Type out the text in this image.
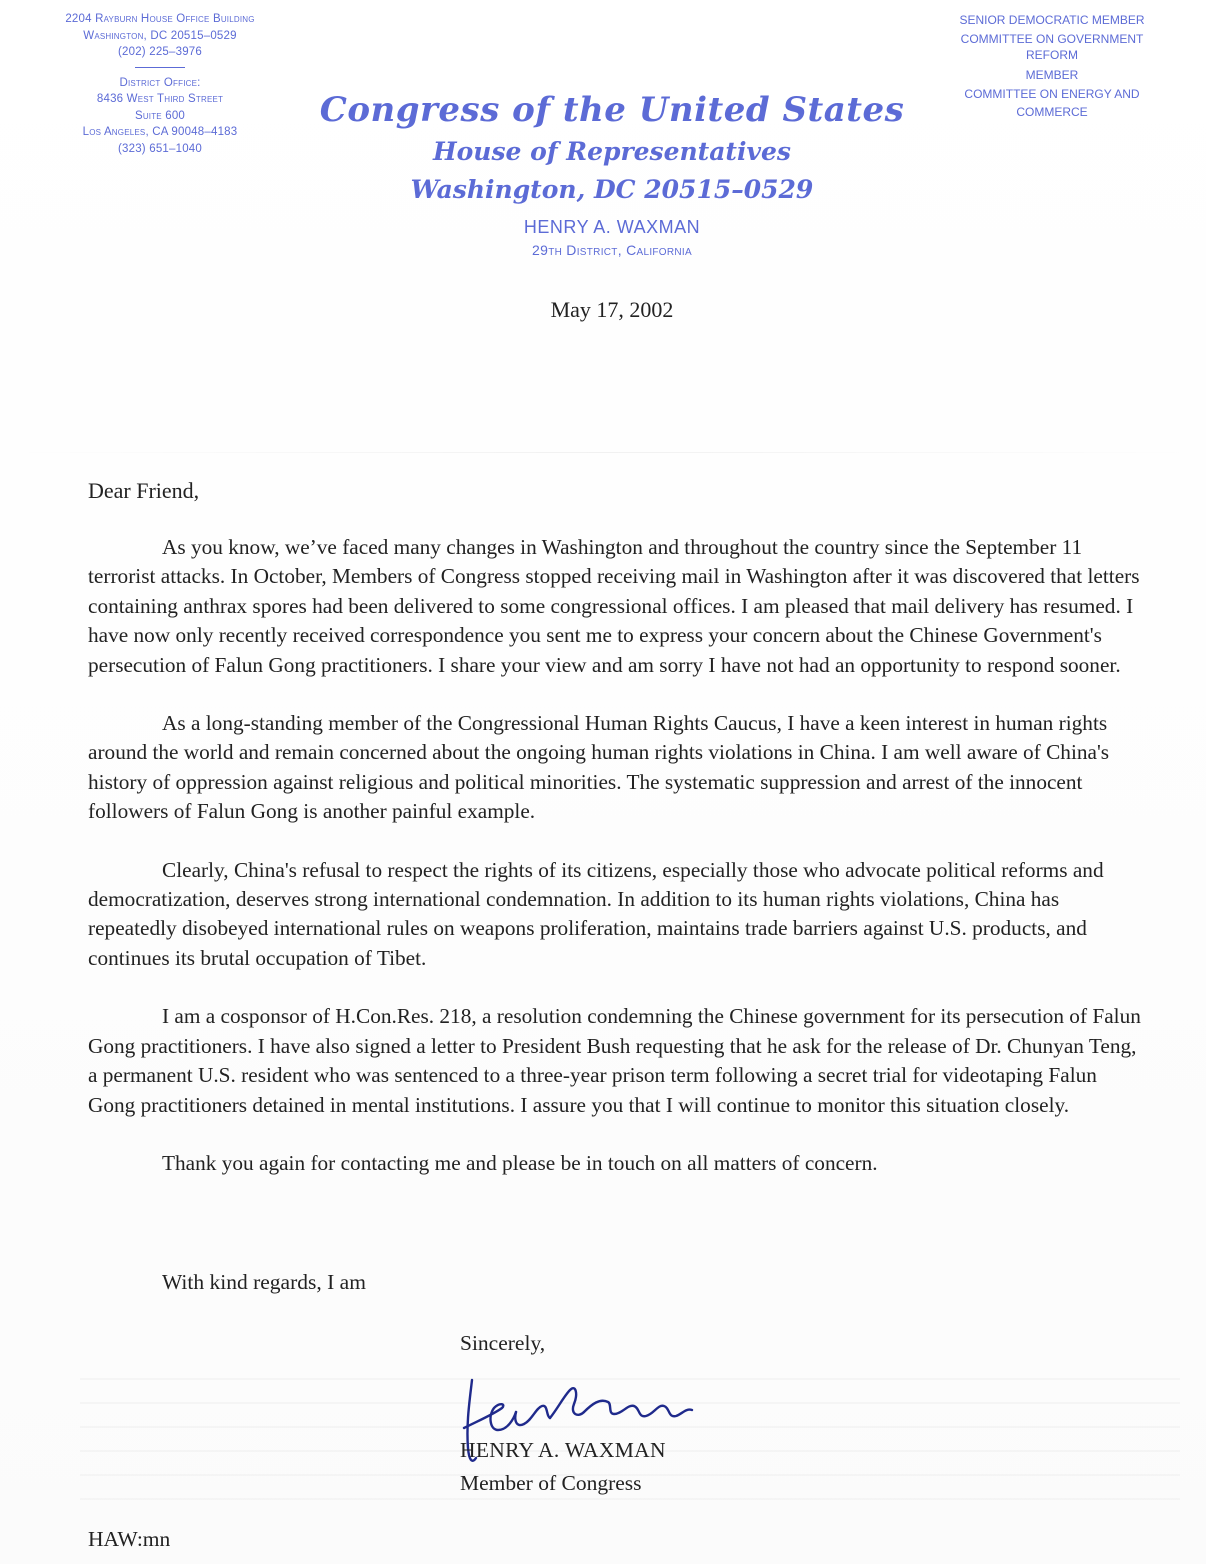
2204 Rayburn House Office Building
Washington, DC 20515–0529
(202) 225–3976
District Office:
8436 West Third Street
Suite 600
Los Angeles, CA 90048–4183
(323) 651–1040
SENIOR DEMOCRATIC MEMBER
COMMITTEE ON GOVERNMENT
REFORM
MEMBER
COMMITTEE ON ENERGY AND
COMMERCE
Congress of the United States
House of Representatives
Washington, DC 20515–0529
HENRY A. WAXMAN
29th District, California
May 17, 2002
Dear Friend,

As you know, we’ve faced many changes in Washington and throughout the country since the September 11 terrorist attacks. In October, Members of Congress stopped receiving mail in Washington after it was discovered that letters containing anthrax spores had been delivered to some congressional offices. I am pleased that mail delivery has resumed. I have now only recently received correspondence you sent me to express your concern about the Chinese Government's persecution of Falun Gong practitioners. I share your view and am sorry I have not had an opportunity to respond sooner.

As a long-standing member of the Congressional Human Rights Caucus, I have a keen interest in human rights around the world and remain concerned about the ongoing human rights violations in China. I am well aware of China's history of oppression against religious and political minorities. The systematic suppression and arrest of the innocent followers of Falun Gong is another painful example.

Clearly, China's refusal to respect the rights of its citizens, especially those who advocate political reforms and democratization, deserves strong international condemnation. In addition to its human rights violations, China has repeatedly disobeyed international rules on weapons proliferation, maintains trade barriers against U.S. products, and continues its brutal occupation of Tibet.

I am a cosponsor of H.Con.Res. 218, a resolution condemning the Chinese government for its persecution of Falun Gong practitioners. I have also signed a letter to President Bush requesting that he ask for the release of Dr. Chunyan Teng, a permanent U.S. resident who was sentenced to a three-year prison term following a secret trial for videotaping Falun Gong practitioners detained in mental institutions. I assure you that I will continue to monitor this situation closely.

Thank you again for contacting me and please be in touch on all matters of concern.

With kind regards, I am
Sincerely,
HENRY A. WAXMAN
Member of Congress
HAW:mn
